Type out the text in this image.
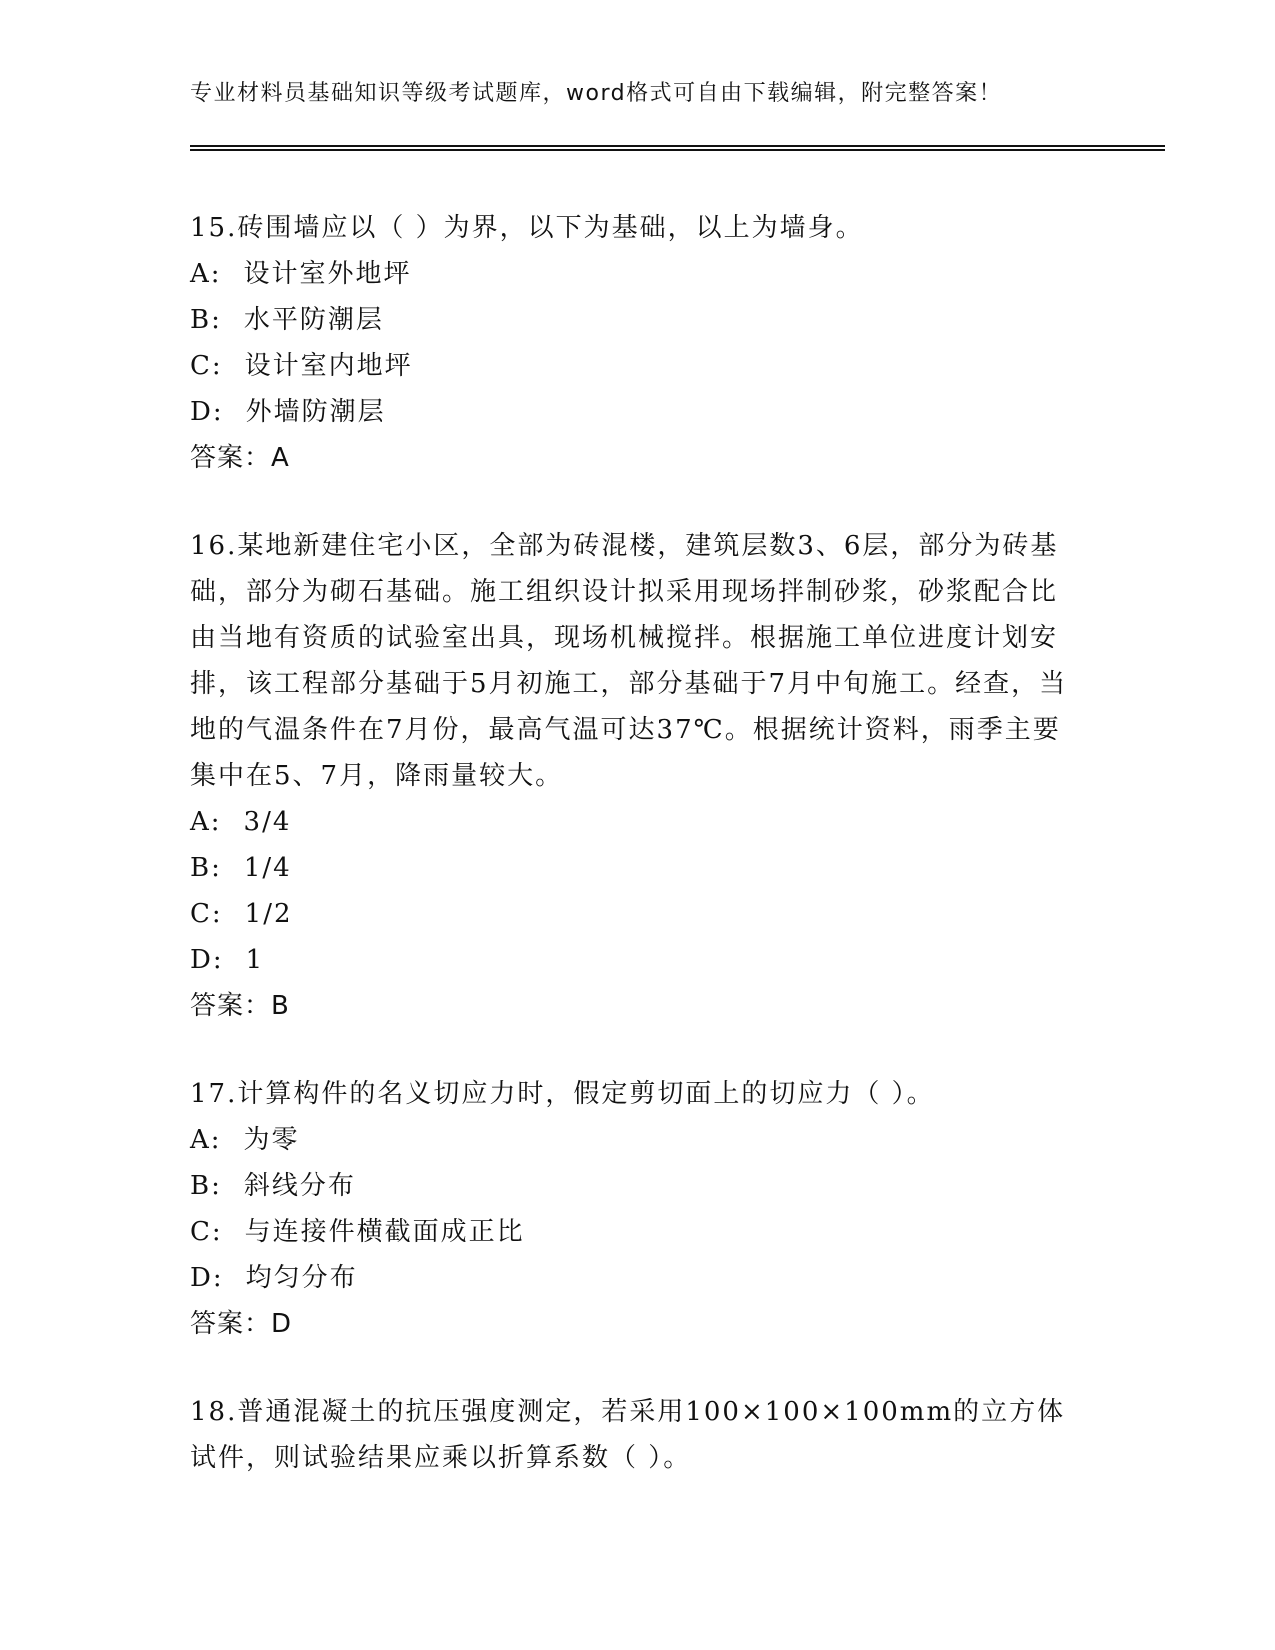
专业材料员基础知识等级考试题库，word格式可自由下载编辑，附完整答案！

15.砖围墙应以（ ）为界，以下为基础，以上为墙身。

A: 设计室外地坪

B: 水平防潮层

C: 设计室内地坪

D: 外墙防潮层

答案：A

16.某地新建住宅小区，全部为砖混楼，建筑层数3、6层，部分为砖基础，部分为砌石基础。施工组织设计拟采用现场拌制砂浆，砂浆配合比由当地有资质的试验室出具，现场机械搅拌。根据施工单位进度计划安排，该工程部分基础于5月初施工，部分基础于7月中旬施工。经查，当地的气温条件在7月份，最高气温可达37℃。根据统计资料，雨季主要集中在5、7月，降雨量较大。

A: 3/4

B: 1/4

C: 1/2

D: 1

答案：B

17.计算构件的名义切应力时，假定剪切面上的切应力（ ）。

A: 为零

B: 斜线分布

C: 与连接件横截面成正比

D: 均匀分布

答案：D

18.普通混凝土的抗压强度测定，若采用100×100×100mm的立方体试件，则试验结果应乘以折算系数（ ）。
